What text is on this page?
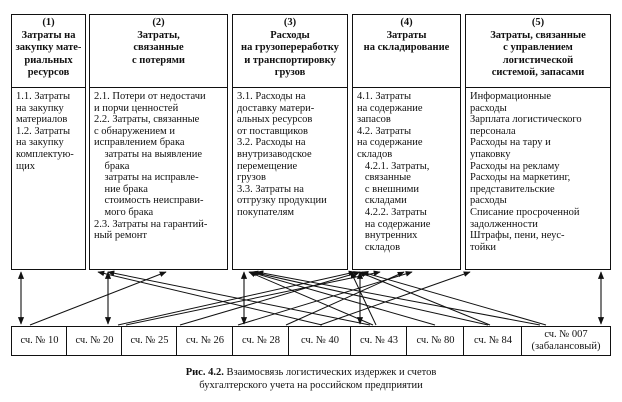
(1)
Затраты на
закупку мате-
риальных
ресурсов
1.1. Затраты
на закупку
материалов
1.2. Затраты
на закупку
комплектую-
щих
(2)
Затраты,
связанные
с потерями
2.1. Потери от недостачи
и порчи ценностей
2.2. Затраты, связанные
с обнаружением и
исправлением брака
затраты на выявление
брака
затраты на исправле-
ние брака
стоимость неисправи-
мого брака
2.3. Затраты на гарантий-
ный ремонт
(3)
Расходы
на грузопереработку
и транспортировку
грузов
3.1. Расходы на
доставку матери-
альных ресурсов
от поставщиков
3.2. Расходы на
внутризаводское
перемещение
грузов
3.3. Затраты на
отгрузку продукции
покупателям
(4)
Затраты
на складирование
4.1. Затраты
на содержание
запасов
4.2. Затраты
на содержание
складов
4.2.1. Затраты,
связанные
с внешними
складами
4.2.2. Затраты
на содержание
внутренних
складов
(5)
Затраты, связанные
с управлением
логистической
системой, запасами
Информационные
расходы
Зарплата логистического
персонала
Расходы на тару и
упаковку
Расходы на рекламу
Расходы на маркетинг,
представительские
расходы
Списание просроченной
задолженности
Штрафы, пени, неус-
тойки
сч. № 10 сч. № 20 сч. № 25 сч. № 26 сч. № 28 сч. № 40 сч. № 43 сч. № 80 сч. № 84
сч. № 007
(забалансовый)
Рис. 4.2. Взаимосвязь логистических издержек и счетов
бухгалтерского учета на российском предприятии
